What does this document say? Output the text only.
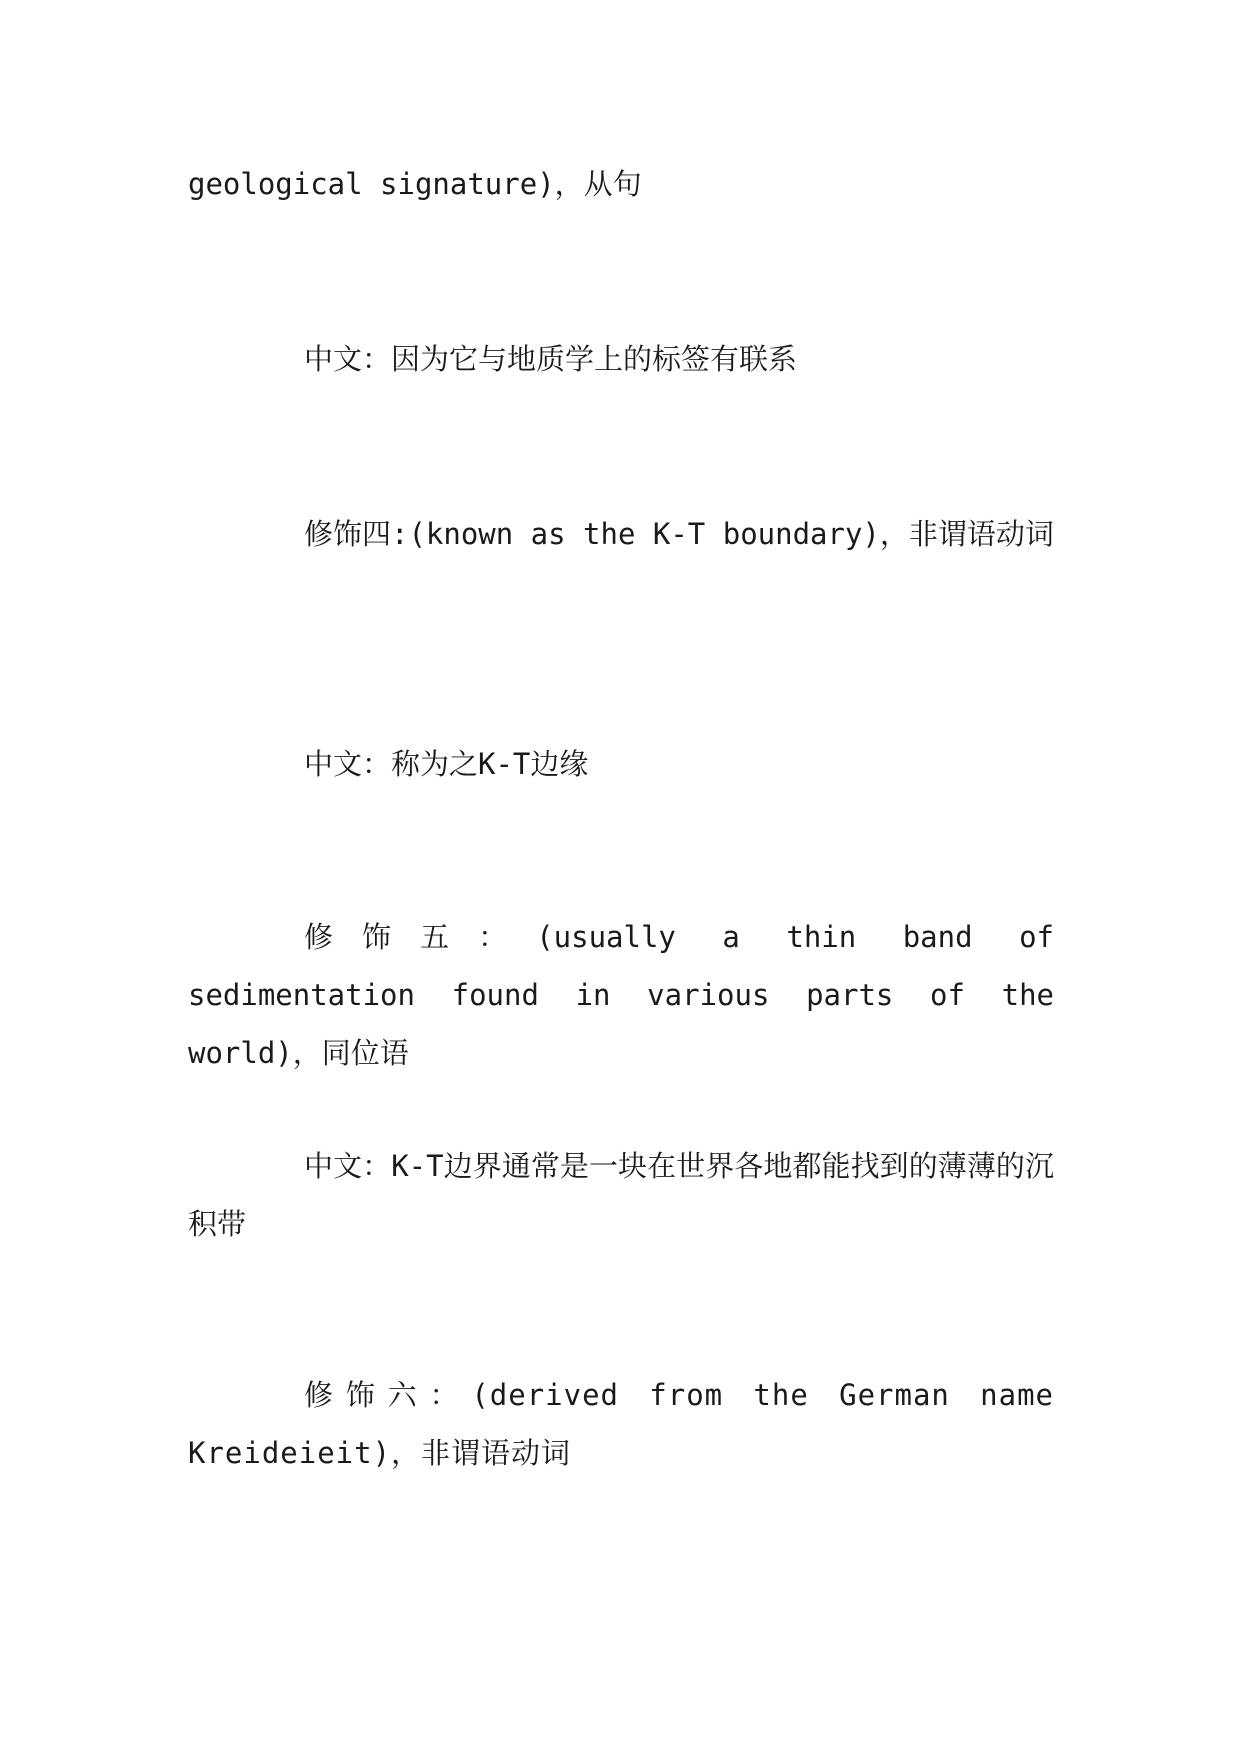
geological signature)，从句

中文：因为它与地质学上的标签有联系

修饰四:(known as the K-T boundary)，非谓语动词

中文：称为之K-T边缘

修饰五：(usually a thin band of sedimentation found in various parts of the world)，同位语

中文：K-T边界通常是一块在世界各地都能找到的薄薄的沉积带

修饰六：(derived from the German name Kreideieit)，非谓语动词
